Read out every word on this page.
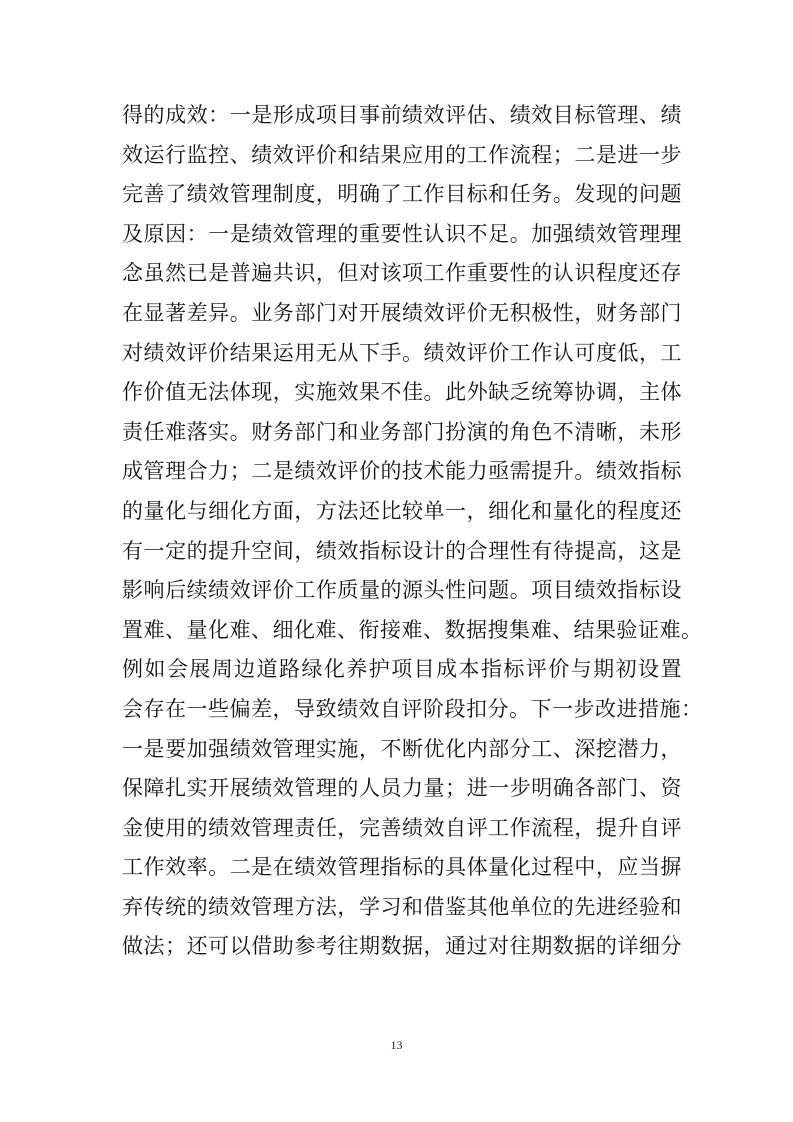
得的成效：一是形成项目事前绩效评估、绩效目标管理、绩
效运行监控、绩效评价和结果应用的工作流程；二是进一步
完善了绩效管理制度，明确了工作目标和任务。发现的问题
及原因：一是绩效管理的重要性认识不足。加强绩效管理理
念虽然已是普遍共识，但对该项工作重要性的认识程度还存
在显著差异。业务部门对开展绩效评价无积极性，财务部门
对绩效评价结果运用无从下手。绩效评价工作认可度低，工
作价值无法体现，实施效果不佳。此外缺乏统筹协调，主体
责任难落实。财务部门和业务部门扮演的角色不清晰，未形
成管理合力；二是绩效评价的技术能力亟需提升。绩效指标
的量化与细化方面，方法还比较单一，细化和量化的程度还
有一定的提升空间，绩效指标设计的合理性有待提高，这是
影响后续绩效评价工作质量的源头性问题。项目绩效指标设
置难、量化难、细化难、衔接难、数据搜集难、结果验证难。
例如会展周边道路绿化养护项目成本指标评价与期初设置
会存在一些偏差，导致绩效自评阶段扣分。下一步改进措施：
一是要加强绩效管理实施，不断优化内部分工、深挖潜力，
保障扎实开展绩效管理的人员力量；进一步明确各部门、资
金使用的绩效管理责任，完善绩效自评工作流程，提升自评
工作效率。二是在绩效管理指标的具体量化过程中，应当摒
弃传统的绩效管理方法，学习和借鉴其他单位的先进经验和
做法；还可以借助参考往期数据，通过对往期数据的详细分
13
